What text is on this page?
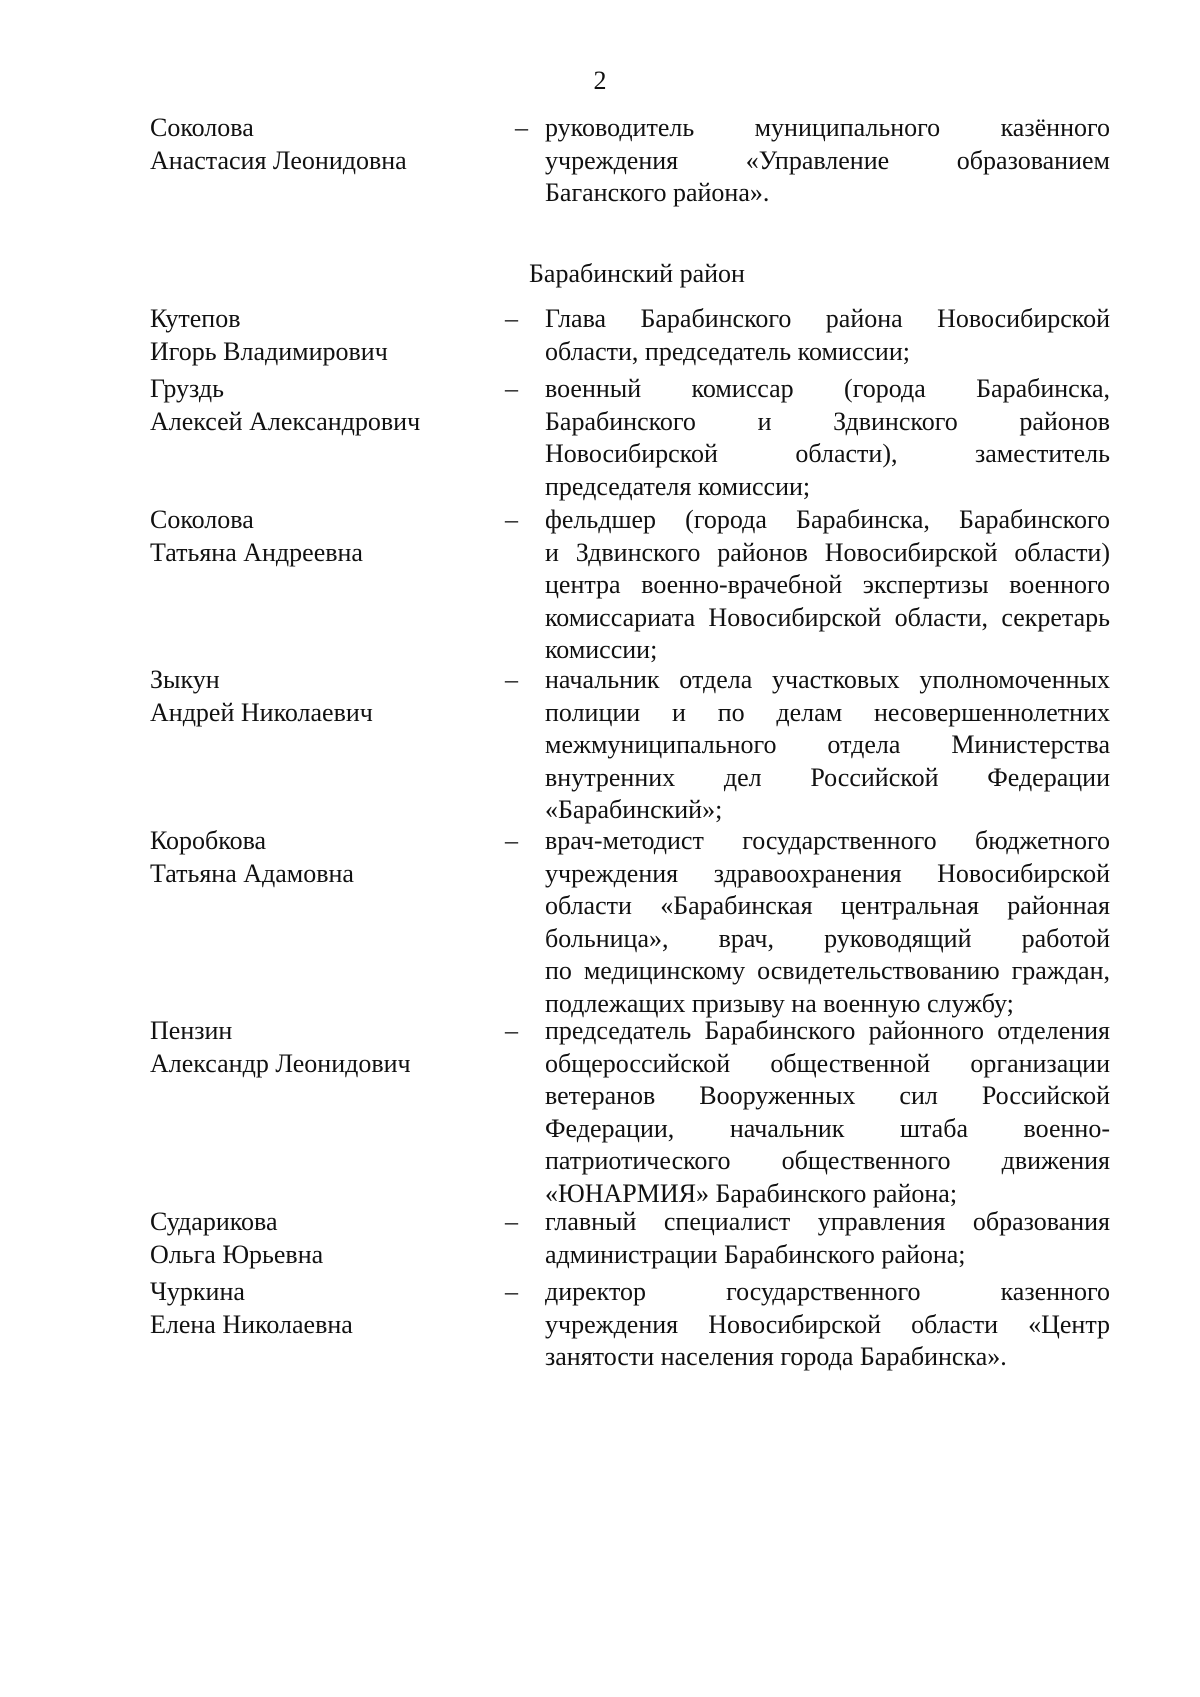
2
Соколова
Анастасия Леонидовна
– руководитель муниципального казённого
учреждения «Управление образованием
Баганского района».
Барабинский район
Кутепов
Игорь Владимирович
– Глава Барабинского района Новосибирской
области, председатель комиссии;
Груздь
Алексей Александрович
– военный комиссар (города Барабинска,
Барабинского и Здвинского районов
Новосибирской области), заместитель
председателя комиссии;
Соколова
Татьяна Андреевна
– фельдшер (города Барабинска, Барабинского
и Здвинского районов Новосибирской области)
центра военно-врачебной экспертизы военного
комиссариата Новосибирской области, секретарь
комиссии;
Зыкун
Андрей Николаевич
– начальник отдела участковых уполномоченных
полиции и по делам несовершеннолетних
межмуниципального отдела Министерства
внутренних дел Российской Федерации
«Барабинский»;
Коробкова
Татьяна Адамовна
– врач-методист государственного бюджетного
учреждения здравоохранения Новосибирской
области «Барабинская центральная районная
больница», врач, руководящий работой
по медицинскому освидетельствованию граждан,
подлежащих призыву на военную службу;
Пензин
Александр Леонидович
– председатель Барабинского районного отделения
общероссийской общественной организации
ветеранов Вооруженных сил Российской
Федерации, начальник штаба военно-
патриотического общественного движения
«ЮНАРМИЯ» Барабинского района;
Сударикова
Ольга Юрьевна
– главный специалист управления образования
администрации Барабинского района;
Чуркина
Елена Николаевна
– директор государственного казенного
учреждения Новосибирской области «Центр
занятости населения города Барабинска».
